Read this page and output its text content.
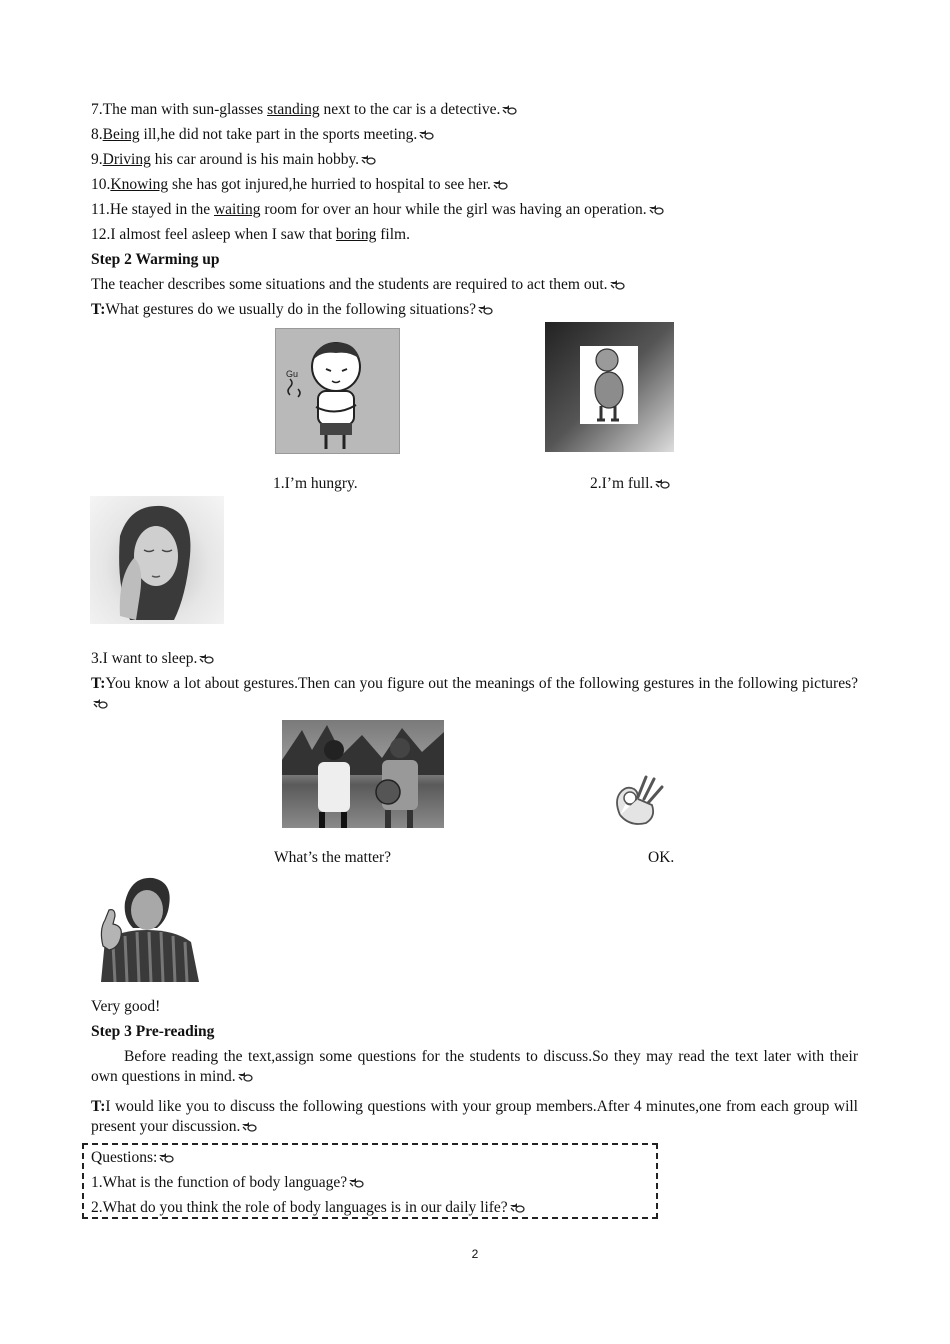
7.The man with sun-glasses standing next to the car is a detective.
8.Being ill,he did not take part in the sports meeting.
9.Driving his car around is his main hobby.
10.Knowing she has got injured,he hurried to hospital to see her.
11.He stayed in the waiting room for over an hour while the girl was having an operation.
12.I almost feel asleep when I saw that boring film.
Step 2 Warming up
The teacher describes some situations and the students are required to act them out.
T:What gestures do we usually do in the following situations?
Gu
1.I’m hungry.	2.I’m full.
3.I want to sleep.
T:You know a lot about gestures.Then can you figure out the meanings of the following gestures in the following pictures?
What’s the matter?	OK.
Very good!
Step 3 Pre-reading
Before reading the text,assign some questions for the students to discuss.So they may read the text later with their own questions in mind.
T:I would like you to discuss the following questions with your group members.After 4 minutes,one from each group will present your discussion.
Questions:
1.What is the function of body language?
2.What do you think the role of body languages is in our daily life?
2
